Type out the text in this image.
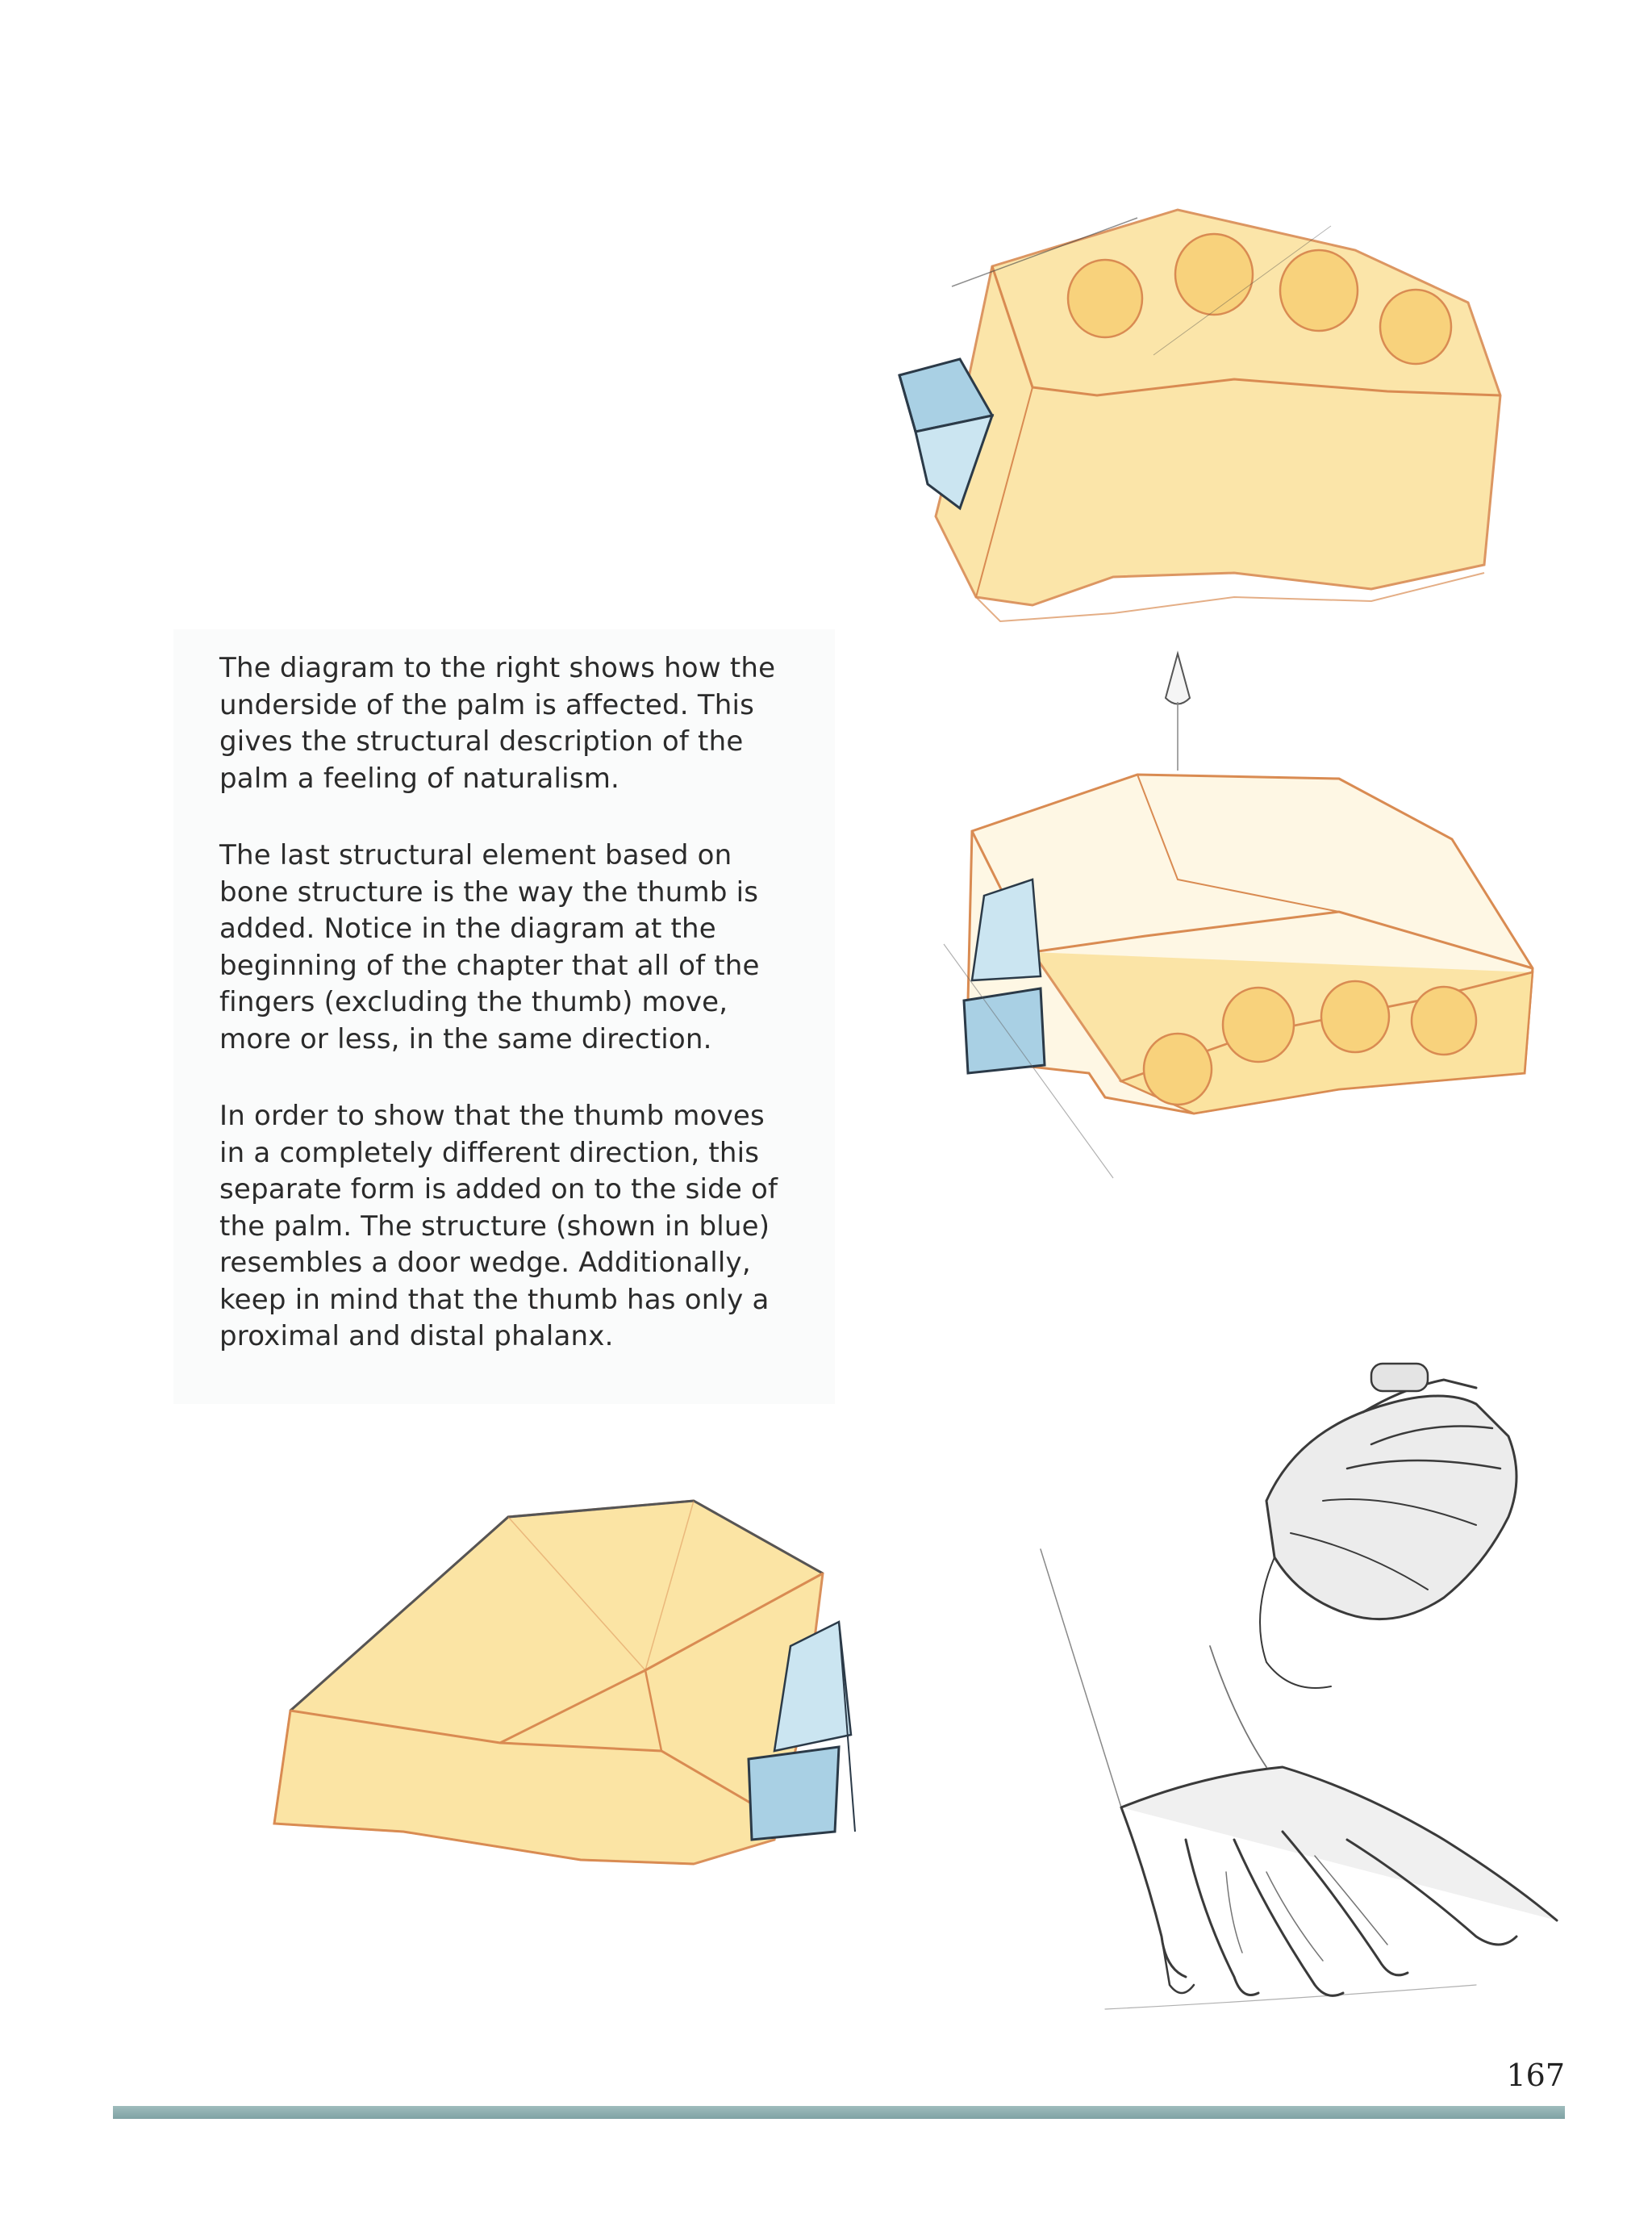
The diagram to the right shows how the
underside of the palm is affected. This
gives the structural description of the
palm a feeling of naturalism.

The last structural element based on
bone structure is the way the thumb is
added. Notice in the diagram at the
beginning of the chapter that all of the
fingers (excluding the thumb) move,
more or less, in the same direction.

In order to show that the thumb moves
in a completely different direction, this
separate form is added on to the side of
the palm. The structure (shown in blue)
resembles a door wedge. Additionally,
keep in mind that the thumb has only a
proximal and distal phalanx.

167
